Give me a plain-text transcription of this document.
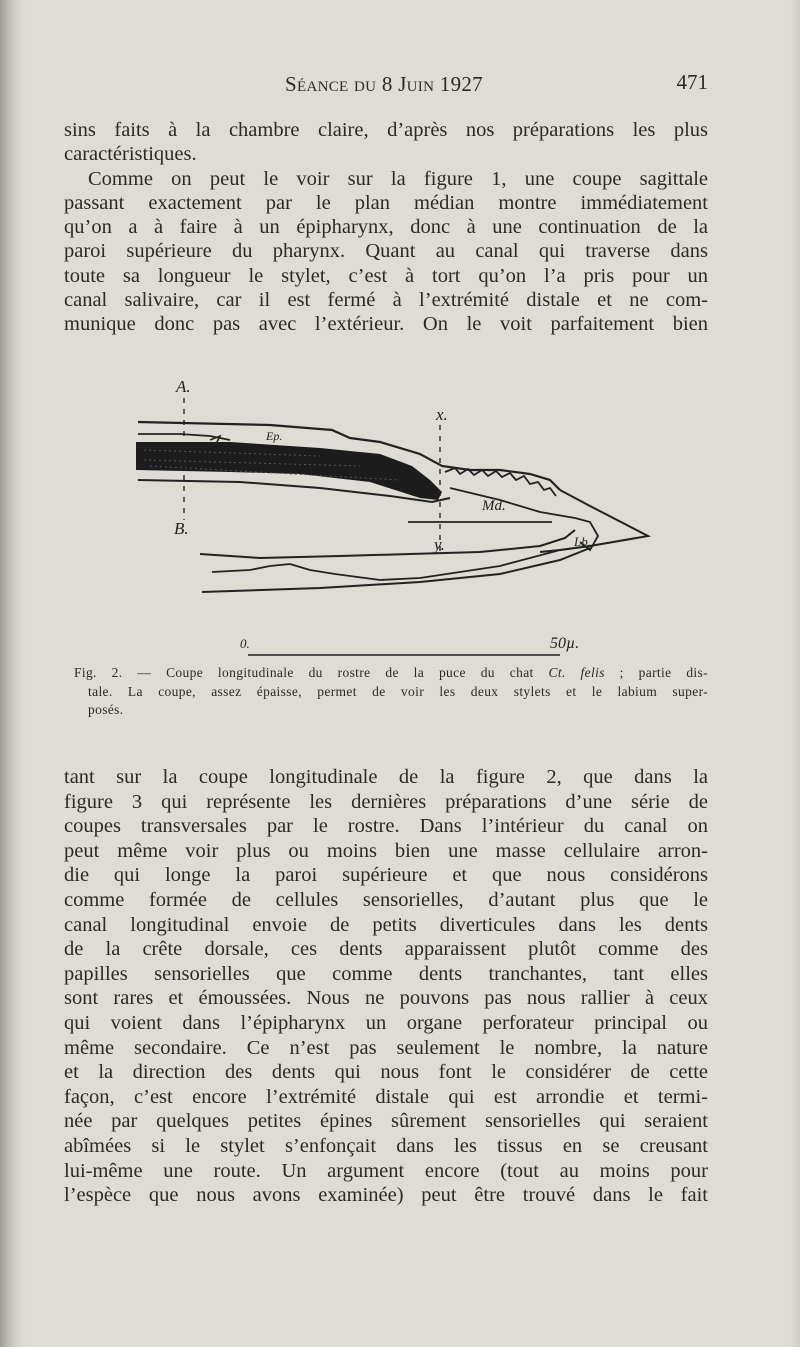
Séance du 8 Juin 1927	471
sins faits à la chambre claire, d’après nos préparations les plus
caractéristiques.
Comme on peut le voir sur la figure 1, une coupe sagittale
passant exactement par le plan médian montre immédiatement
qu’on a à faire à un épipharynx, donc à une continuation de la
paroi supérieure du pharynx. Quant au canal qui traverse dans
toute sa longueur le stylet, c’est à tort qu’on l’a pris pour un
canal salivaire, car il est fermé à l’extrémité distale et ne com-
munique donc pas avec l’extérieur. On le voit parfaitement bien
A.
B.
x.
y.
Ep.
Md.
Lb.
0.	50µ.
Fig. 2. — Coupe longitudinale du rostre de la puce du chat Ct. felis ; partie dis-
tale. La coupe, assez épaisse, permet de voir les deux stylets et le labium super-
posés.
tant sur la coupe longitudinale de la figure 2, que dans la
figure 3 qui représente les dernières préparations d’une série de
coupes transversales par le rostre. Dans l’intérieur du canal on
peut même voir plus ou moins bien une masse cellulaire arron-
die qui longe la paroi supérieure et que nous considérons
comme formée de cellules sensorielles, d’autant plus que le
canal longitudinal envoie de petits diverticules dans les dents
de la crête dorsale, ces dents apparaissent plutôt comme des
papilles sensorielles que comme dents tranchantes, tant elles
sont rares et émoussées. Nous ne pouvons pas nous rallier à ceux
qui voient dans l’épipharynx un organe perforateur principal ou
même secondaire. Ce n’est pas seulement le nombre, la nature
et la direction des dents qui nous font le considérer de cette
façon, c’est encore l’extrémité distale qui est arrondie et termi-
née par quelques petites épines sûrement sensorielles qui seraient
abîmées si le stylet s’enfonçait dans les tissus en se creusant
lui-même une route. Un argument encore (tout au moins pour
l’espèce que nous avons examinée) peut être trouvé dans le fait
